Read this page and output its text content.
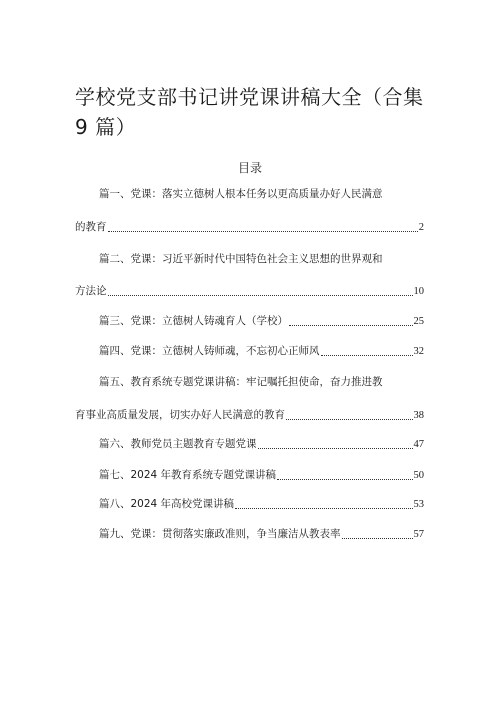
学校党支部书记讲党课讲稿大全（合集 9 篇）
目录
篇一、党课：落实立德树人根本任务以更高质量办好人民满意
的教育	2
篇二、党课：习近平新时代中国特色社会主义思想的世界观和
方法论	10
篇三、党课：立德树人铸魂育人（学校）	25
篇四、党课：立德树人铸师魂，不忘初心正师风	32
篇五、教育系统专题党课讲稿：牢记嘱托担使命，奋力推进教
育事业高质量发展，切实办好人民满意的教育	38
篇六、教师党员主题教育专题党课	47
篇七、2024 年教育系统专题党课讲稿	50
篇八、2024 年高校党课讲稿	53
篇九、党课：贯彻落实廉政准则，争当廉洁从教表率	57
